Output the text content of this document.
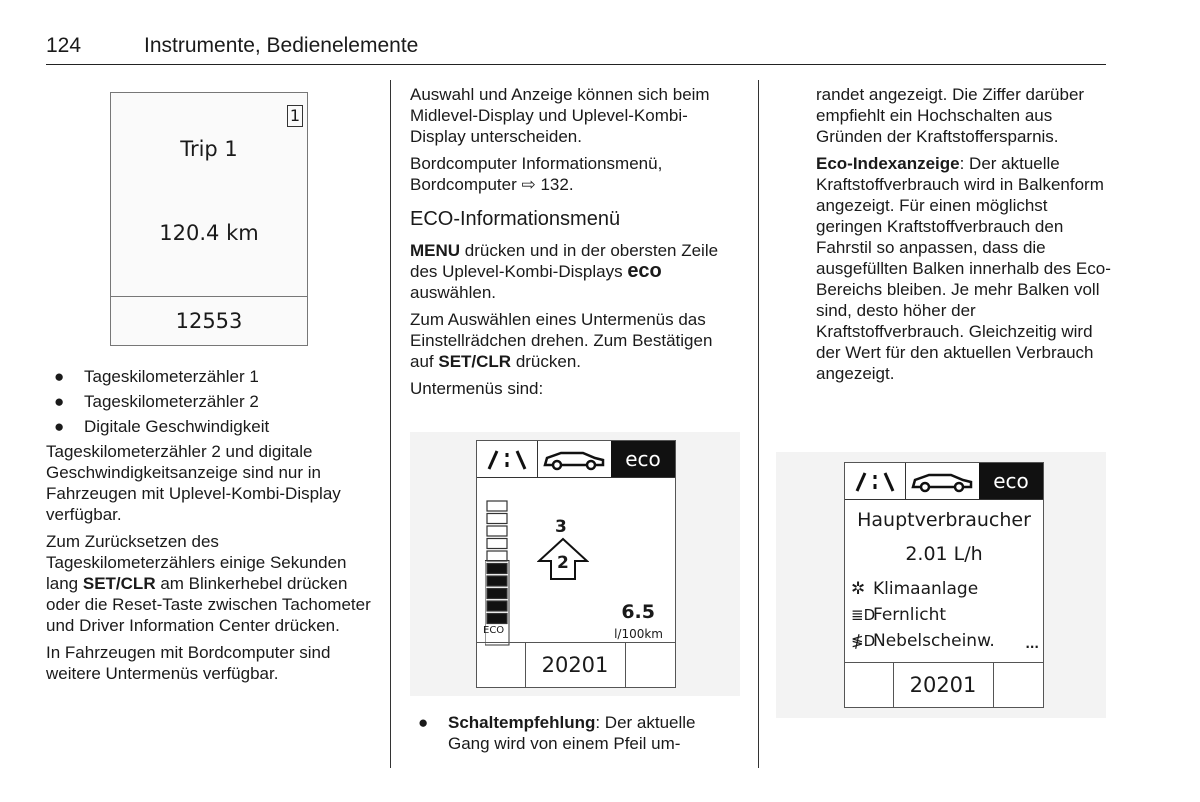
124	Instrumente, Bedienelemente
1
Trip 1
120.4 km
12553
● Tageskilometerzähler 1
● Tageskilometerzähler 2
● Digitale Geschwindigkeit

Tageskilometerzähler 2 und digitale Geschwindigkeitsanzeige sind nur in Fahrzeugen mit Uplevel-Kombi-Display verfügbar.

Zum Zurücksetzen des Tageskilometerzählers einige Sekunden lang SET/CLR am Blinkerhebel drücken oder die Reset-Taste zwischen Tachometer und Driver Information Center drücken.

In Fahrzeugen mit Bordcomputer sind weitere Untermenüs verfügbar.

Auswahl und Anzeige können sich beim Midlevel-Display und Uplevel-Kombi-Display unterscheiden.

Bordcomputer Informationsmenü, Bordcomputer ⇨ 132.

ECO-Informationsmenü

MENU drücken und in der obersten Zeile des Uplevel-Kombi-Displays eco auswählen.

Zum Auswählen eines Untermenüs das Einstellrädchen drehen. Zum Bestätigen auf SET/CLR drücken.

Untermenüs sind:

eco
ECO
3
2
6.5
l/100km
20201
● Schaltempfehlung: Der aktuelle Gang wird von einem Pfeil um-

randet angezeigt. Die Ziffer darüber empfiehlt ein Hochschalten aus Gründen der Kraftstoffersparnis.

Eco-Indexanzeige: Der aktuelle Kraftstoffverbrauch wird in Balkenform angezeigt. Für einen möglichst geringen Kraftstoffverbrauch den Fahrstil so anpassen, dass die ausgefüllten Balken innerhalb des Eco-Bereichs bleiben. Je mehr Balken voll sind, desto höher der Kraftstoffverbrauch. Gleichzeitig wird der Wert für den aktuellen Verbrauch angezeigt.

eco
Hauptverbraucher
2.01 L/h
✲ Klimaanlage
≣DFernlicht
≸DNebelscheinw.	...
20201
